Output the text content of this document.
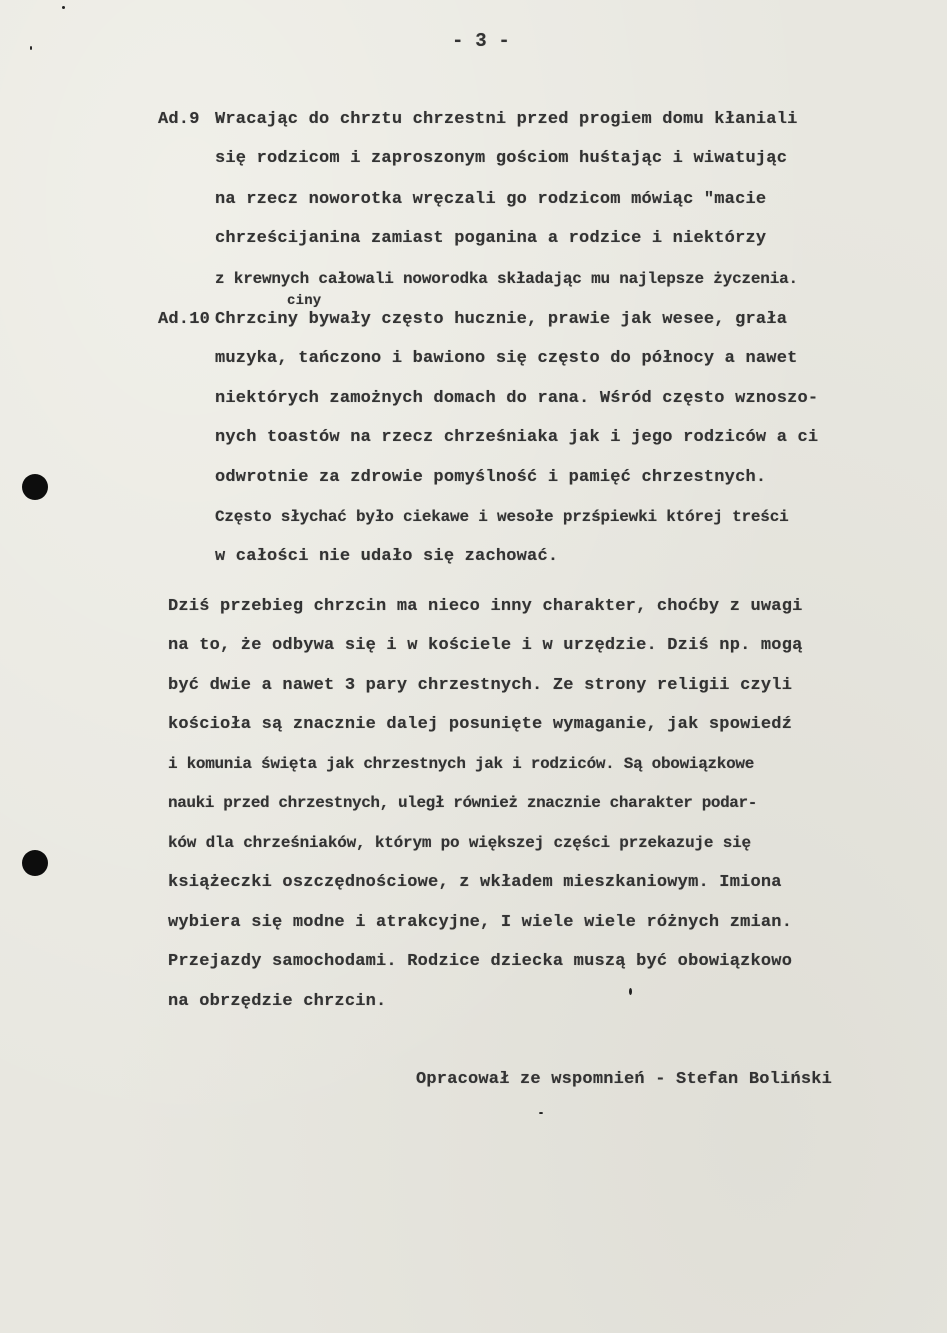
- 3 -
Ad.9 Wracając do chrztu chrzestni przed progiem domu kłaniali
się rodzicom i zaproszonym gościom huśtając i wiwatując
na rzecz noworotka wręczali go rodzicom mówiąc "macie
chrześcijanina zamiast poganina a rodzice i niektórzy
z krewnych całowali noworodka składając mu najlepsze życzenia.
Ad.10
ciny
Chrzciny bywały często hucznie, prawie jak wesee, grała
muzyka, tańczono i bawiono się często do północy a nawet
niektórych zamożnych domach do rana. Wśród często wznoszo-
nych toastów na rzecz chrześniaka jak i jego rodziców a ci
odwrotnie za zdrowie pomyślność i pamięć chrzestnych.
Często słychać było ciekawe i wesołe przśpiewki której treści
w całości nie udało się zachować.
Dziś przebieg chrzcin ma nieco inny charakter, choćby z uwagi
na to, że odbywa się i w kościele i w urzędzie. Dziś np. mogą
być dwie a nawet 3 pary chrzestnych. Ze strony religii czyli
kościoła są znacznie dalej posunięte wymaganie, jak spowiedź
i komunia święta jak chrzestnych jak i rodziców. Są obowiązkowe
nauki przed chrzestnych, uległ również znacznie charakter podar-
ków dla chrześniaków, którym po większej części przekazuje się
książeczki oszczędnościowe, z wkładem mieszkaniowym. Imiona
wybiera się modne i atrakcyjne, I wiele wiele różnych zmian.
Przejazdy samochodami. Rodzice dziecka muszą być obowiązkowo
na obrzędzie chrzcin.
Opracował ze wspomnień - Stefan Boliński
